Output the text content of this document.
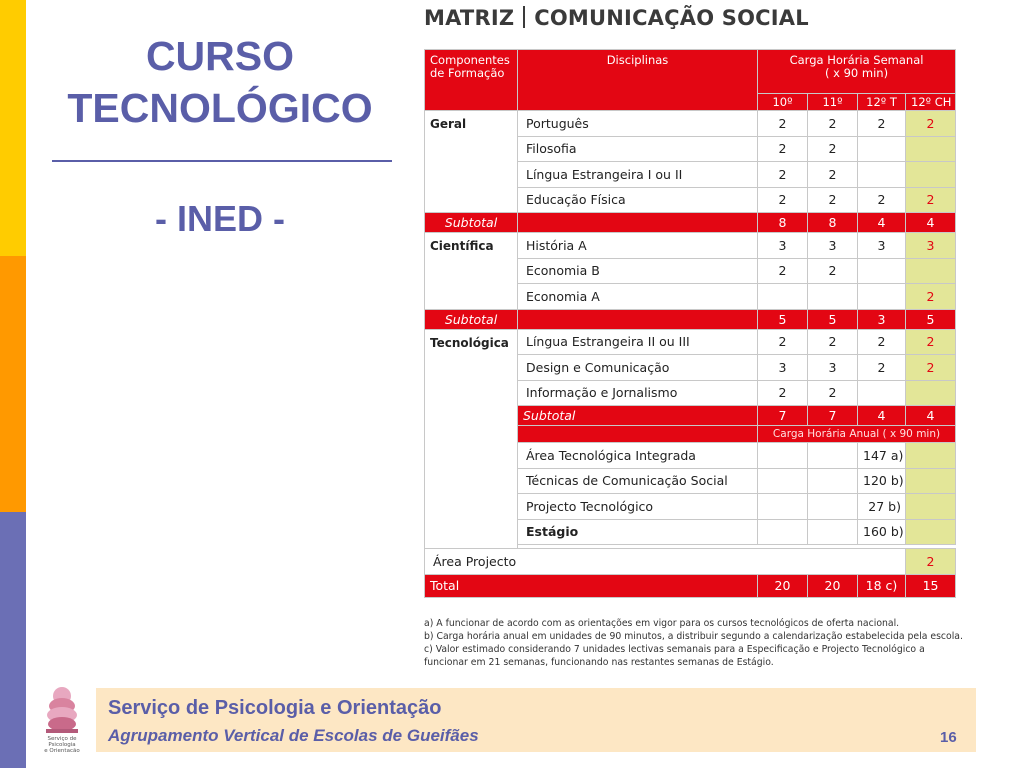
CURSO
TECNOLÓGICO
- INED -
MATRIZ COMUNICAÇÃO SOCIAL
Componentes de Formação	Disciplinas	Carga Horária Semanal
( x 90 min)			

		10º	11º	12º T	12º CH
Geral	Português	2	2	2	2
	Filosofia	2	2		
	Língua Estrangeira I ou II	2	2		
	Educação Física	2	2	2	2
Subtotal		8	8	4	4
Científica	História A	3	3	3	3
	Economia B	2	2		
	Economia A				2
Subtotal		5	5	3	5
Tecnológica	Língua Estrangeira II ou III	2	2	2	2
	Design e Comunicação	3	3	2	2
	Informação e Jornalismo	2	2		
	Subtotal	7	7	4	4
		Carga Horária Anual ( x 90 min)			
	Área Tecnológica Integrada			147 a)	
	Técnicas de Comunicação Social			120 b)	
	Projecto Tecnológico			27 b)	
	Estágio			160 b)	

Área Projecto					2
Total		20	20	18 c)	15
a) A funcionar de acordo com as orientações em vigor para os cursos tecnológicos de oferta nacional.
b) Carga horária anual em unidades de 90 minutos, a distribuir segundo a calendarização estabelecida pela escola.
c) Valor estimado considerando 7 unidades lectivas semanais para a Especificação e Projecto Tecnológico a
funcionar em 21 semanas, funcionando nas restantes semanas de Estágio.
Serviço de
Psicologia
e Orientação
Serviço de Psicologia e Orientação
Agrupamento Vertical de Escolas de Gueifães	16
